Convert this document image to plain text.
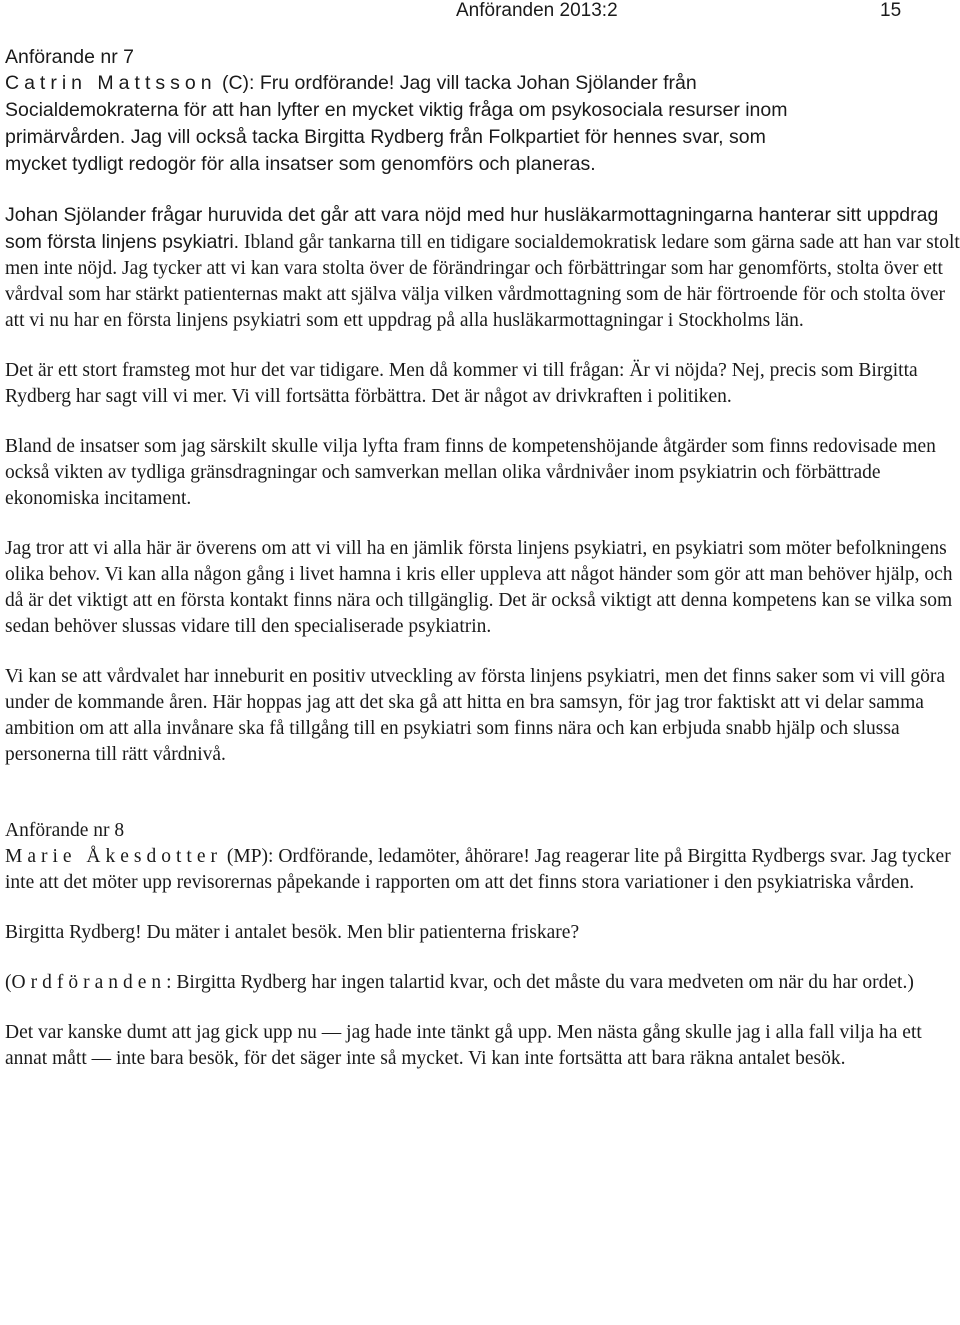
Anföranden 2013:2	15

Anförande nr 7

Catrin Mattsson (C): Fru ordförande! Jag vill tacka Johan Sjölander från
Socialdemokraterna för att han lyfter en mycket viktig fråga om psykosociala resurser inom
primärvården. Jag vill också tacka Birgitta Rydberg från Folkpartiet för hennes svar, som
mycket tydligt redogör för alla insatser som genomförs och planeras.

Johan Sjölander frågar huruvida det går att vara nöjd med hur husläkarmottagningarna hanterar sitt uppdrag som första linjens psykiatri. Ibland går tankarna till en tidigare socialdemokratisk ledare som gärna sade att han var stolt men inte nöjd. Jag tycker att vi kan vara stolta över de förändringar och förbättringar som har genomförts, stolta över ett vårdval som har stärkt patienternas makt att själva välja vilken vårdmottagning som de här förtroende för och stolta över att vi nu har en första linjens psykiatri som ett uppdrag på alla husläkarmottagningar i Stockholms län.

Det är ett stort framsteg mot hur det var tidigare. Men då kommer vi till frågan: Är vi nöjda? Nej, precis som Birgitta Rydberg har sagt vill vi mer. Vi vill fortsätta förbättra. Det är något av drivkraften i politiken.

Bland de insatser som jag särskilt skulle vilja lyfta fram finns de kompetenshöjande åtgärder som finns redovisade men också vikten av tydliga gränsdragningar och samverkan mellan olika vårdnivåer inom psykiatrin och förbättrade ekonomiska incitament.

Jag tror att vi alla här är överens om att vi vill ha en jämlik första linjens psykiatri, en psykiatri som möter befolkningens olika behov. Vi kan alla någon gång i livet hamna i kris eller uppleva att något händer som gör att man behöver hjälp, och då är det viktigt att en första kontakt finns nära och tillgänglig. Det är också viktigt att denna kompetens kan se vilka som sedan behöver slussas vidare till den specialiserade psykiatrin.

Vi kan se att vårdvalet har inneburit en positiv utveckling av första linjens psykiatri, men det finns saker som vi vill göra under de kommande åren. Här hoppas jag att det ska gå att hitta en bra samsyn, för jag tror faktiskt att vi delar samma ambition om att alla invånare ska få tillgång till en psykiatri som finns nära och kan erbjuda snabb hjälp och slussa personerna till rätt vårdnivå.

Anförande nr 8

Marie Åkesdotter (MP): Ordförande, ledamöter, åhörare! Jag reagerar lite på Birgitta Rydbergs svar. Jag tycker inte att det möter upp revisorernas påpekande i rapporten om att det finns stora variationer i den psykiatriska vården.

Birgitta Rydberg! Du mäter i antalet besök. Men blir patienterna friskare?

(Ordföranden: Birgitta Rydberg har ingen talartid kvar, och det måste du vara medveten om när du har ordet.)

Det var kanske dumt att jag gick upp nu — jag hade inte tänkt gå upp. Men nästa gång skulle jag i alla fall vilja ha ett annat mått — inte bara besök, för det säger inte så mycket. Vi kan inte fortsätta att bara räkna antalet besök.
